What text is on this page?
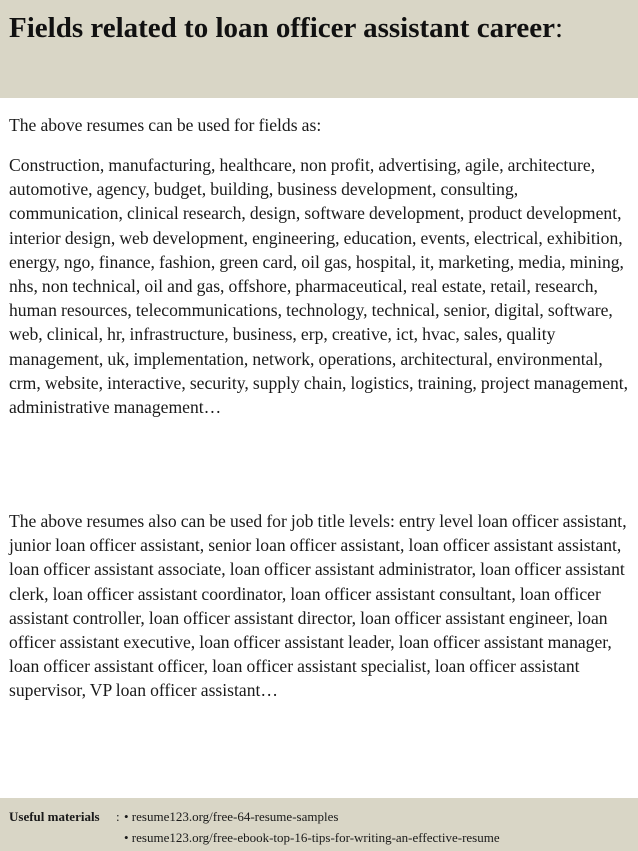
Fields related to loan officer assistant career:

The above resumes can be used for fields as:

Construction, manufacturing, healthcare, non profit, advertising, agile, architecture, automotive, agency, budget, building, business development, consulting, communication, clinical research, design, software development, product development, interior design, web development, engineering, education, events, electrical, exhibition, energy, ngo, finance, fashion, green card, oil gas, hospital, it, marketing, media, mining, nhs, non technical, oil and gas, offshore, pharmaceutical, real estate, retail, research, human resources, telecommunications, technology, technical, senior, digital, software, web, clinical, hr, infrastructure, business, erp, creative, ict, hvac, sales, quality management, uk, implementation, network, operations, architectural, environmental, crm, website, interactive, security, supply chain, logistics, training, project management, administrative management…

The above resumes also can be used for job title levels: entry level loan officer assistant, junior loan officer assistant, senior loan officer assistant, loan officer assistant assistant, loan officer assistant associate, loan officer assistant administrator, loan officer assistant clerk, loan officer assistant coordinator, loan officer assistant consultant, loan officer assistant controller, loan officer assistant director, loan officer assistant engineer, loan officer assistant executive, loan officer assistant leader, loan officer assistant manager, loan officer assistant officer, loan officer assistant specialist, loan officer assistant supervisor, VP loan officer assistant…

Useful materials : • resume123.org/free-64-resume-samples
• resume123.org/free-ebook-top-16-tips-for-writing-an-effective-resume
